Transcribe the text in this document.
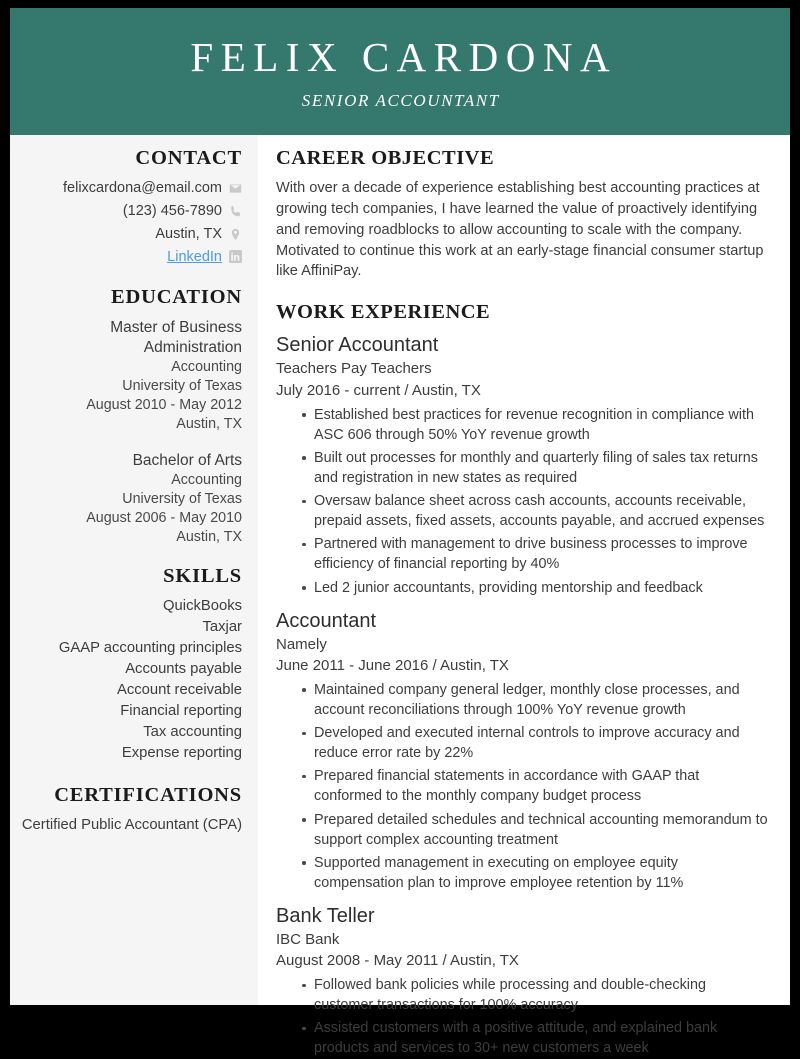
FELIX CARDONA
SENIOR ACCOUNTANT
CONTACT
felixcardona@email.com
(123) 456-7890
Austin, TX
LinkedIn
EDUCATION
Master of Business Administration
Accounting
University of Texas
August 2010 - May 2012
Austin, TX
Bachelor of Arts
Accounting
University of Texas
August 2006 - May 2010
Austin, TX
SKILLS
QuickBooks
Taxjar
GAAP accounting principles
Accounts payable
Account receivable
Financial reporting
Tax accounting
Expense reporting
CERTIFICATIONS
Certified Public Accountant (CPA)
CAREER OBJECTIVE
With over a decade of experience establishing best accounting practices at growing tech companies, I have learned the value of proactively identifying and removing roadblocks to allow accounting to scale with the company. Motivated to continue this work at an early-stage financial consumer startup like AffiniPay.
WORK EXPERIENCE
Senior Accountant
Teachers Pay Teachers
July 2016 - current / Austin, TX
Established best practices for revenue recognition in compliance with ASC 606 through 50% YoY revenue growth
Built out processes for monthly and quarterly filing of sales tax returns and registration in new states as required
Oversaw balance sheet across cash accounts, accounts receivable, prepaid assets, fixed assets, accounts payable, and accrued expenses
Partnered with management to drive business processes to improve efficiency of financial reporting by 40%
Led 2 junior accountants, providing mentorship and feedback
Accountant
Namely
June 2011 - June 2016 / Austin, TX
Maintained company general ledger, monthly close processes, and account reconciliations through 100% YoY revenue growth
Developed and executed internal controls to improve accuracy and reduce error rate by 22%
Prepared financial statements in accordance with GAAP that conformed to the monthly company budget process
Prepared detailed schedules and technical accounting memorandum to support complex accounting treatment
Supported management in executing on employee equity compensation plan to improve employee retention by 11%
Bank Teller
IBC Bank
August 2008 - May 2011 / Austin, TX
Followed bank policies while processing and double-checking customer transactions for 100% accuracy
Assisted customers with a positive attitude, and explained bank products and services to 30+ new customers a week
